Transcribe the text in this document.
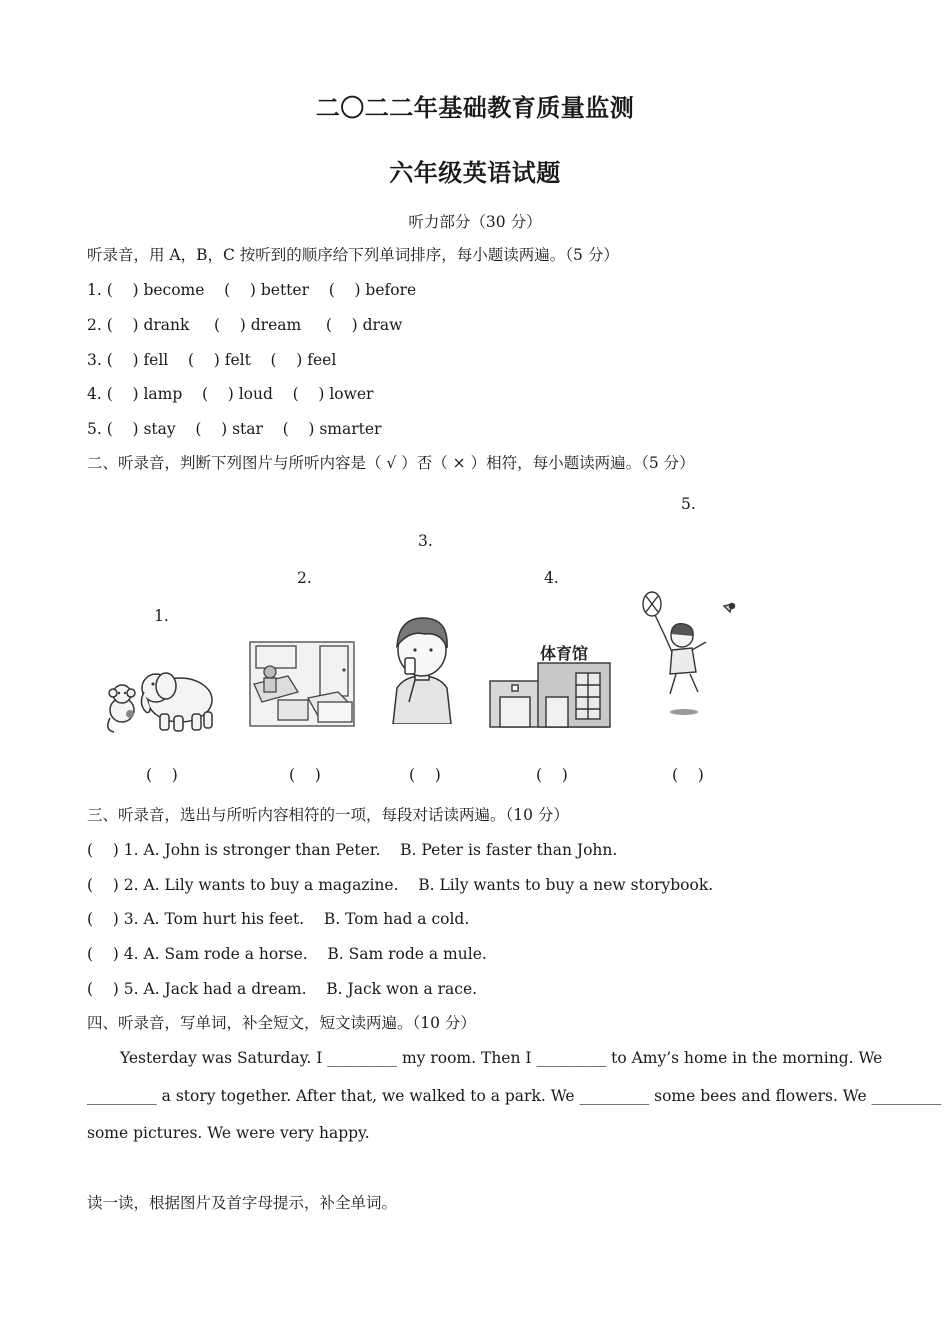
二〇二二年基础教育质量监测
六年级英语试题
听力部分（30 分）
听录音，用 A，B，C 按听到的顺序给下列单词排序，每小题读两遍。（5 分）
1. (    ) become    (    ) better    (    ) before
2. (    ) drank     (    ) dream     (    ) draw
3. (    ) fell    (    ) felt    (    ) feel
4. (    ) lamp    (    ) loud    (    ) lower
5. (    ) stay    (    ) star    (    ) smarter
二、听录音，判断下列图片与所听内容是（ √ ）否（ × ）相符，每小题读两遍。（5 分）
1.
2.
3.
4.
5.
体育馆
(    )	(    )	(    )	(    )	(    )
三、听录音，选出与所听内容相符的一项，每段对话读两遍。（10 分）
(    ) 1. A. John is stronger than Peter.    B. Peter is faster than John.
(    ) 2. A. Lily wants to buy a magazine.    B. Lily wants to buy a new storybook.
(    ) 3. A. Tom hurt his feet.    B. Tom had a cold.
(    ) 4. A. Sam rode a horse.    B. Sam rode a mule.
(    ) 5. A. Jack had a dream.    B. Jack won a race.
四、听录音，写单词，补全短文，短文读两遍。（10 分）
Yesterday was Saturday. I _________ my room. Then I _________ to Amy’s home in the morning. We
_________ a story together. After that, we walked to a park. We _________ some bees and flowers. We _________
some pictures. We were very happy.
读一读，根据图片及首字母提示，补全单词。
